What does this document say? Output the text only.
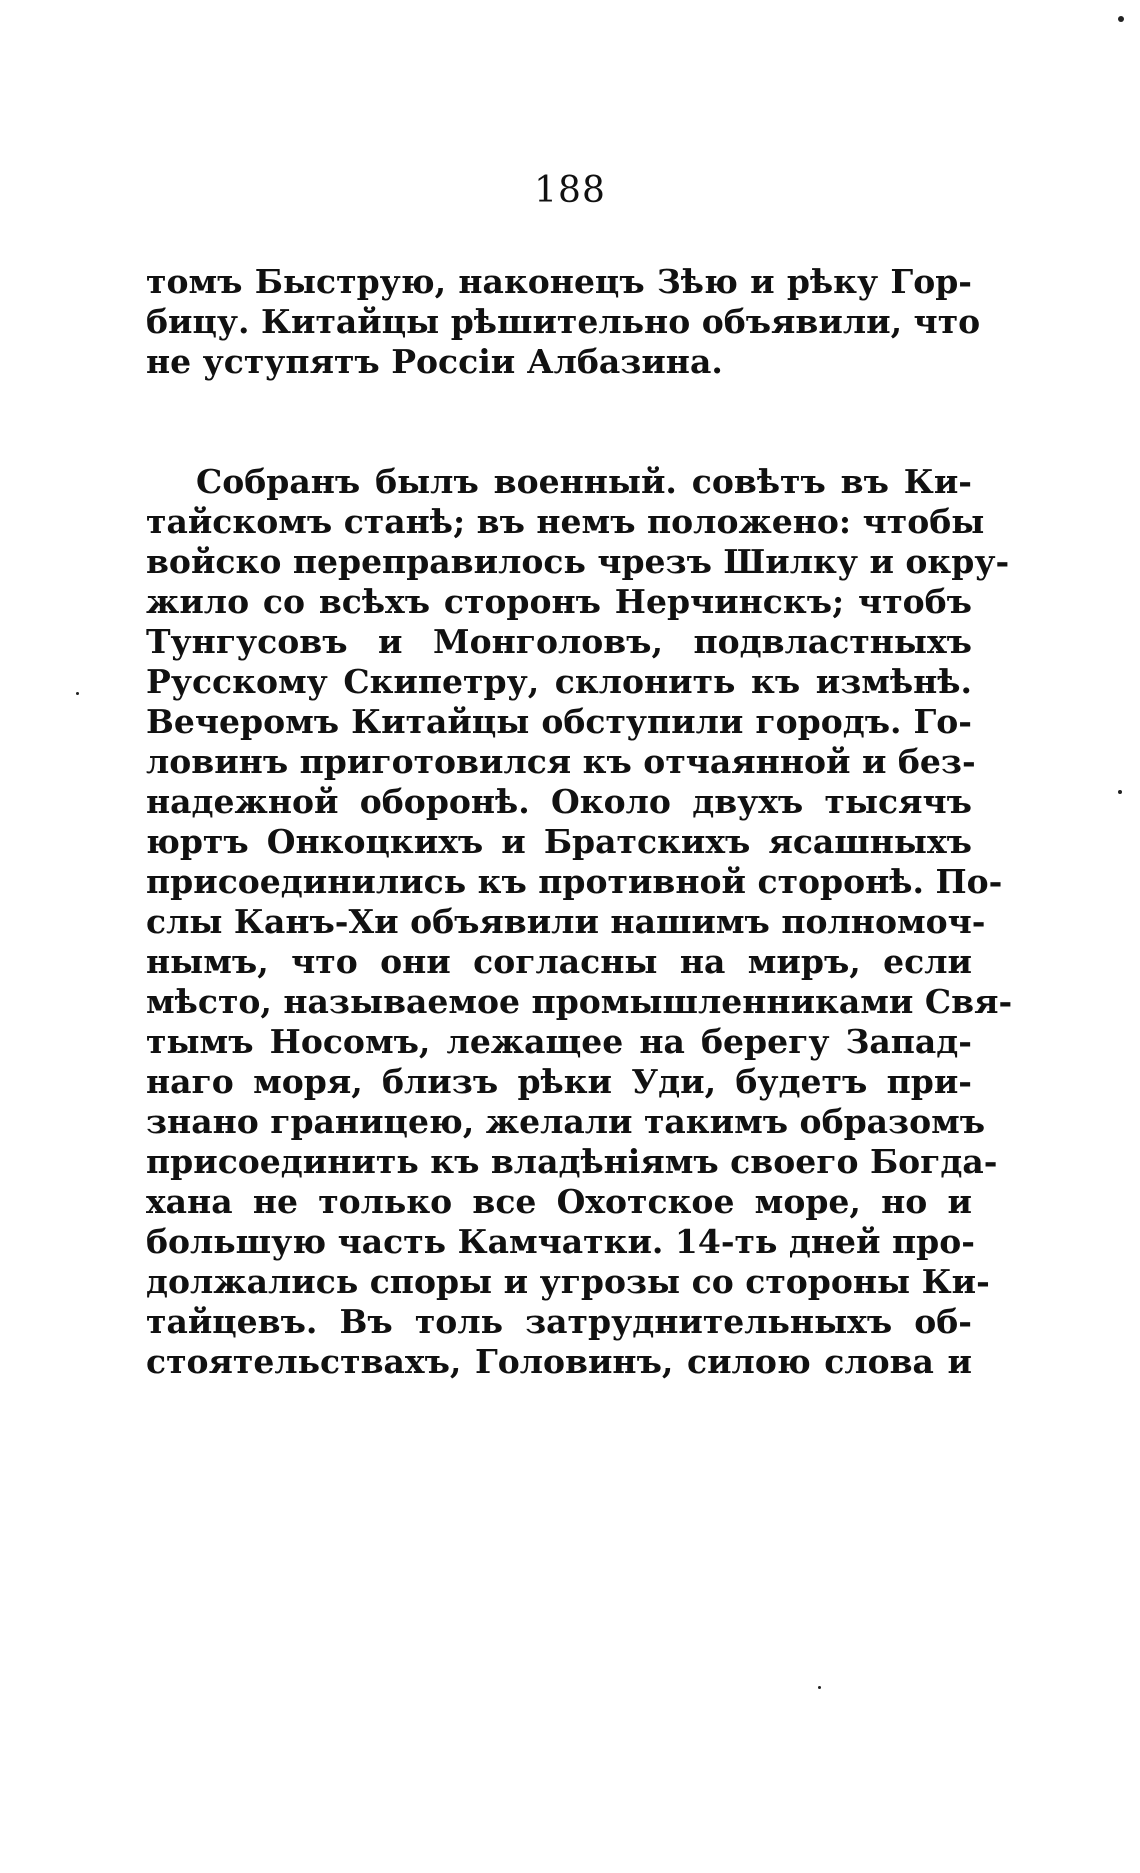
188
томъ Быструю, наконецъ Зѣю и рѣку Гор-
бицу. Китайцы рѣшительно объявили, что
не уступятъ Россіи Албазина.
Собранъ былъ военный. совѣтъ въ Ки-
тайскомъ станѣ; въ немъ положено: чтобы
войско переправилось чрезъ Шилку и окру-
жило со всѣхъ сторонъ Нерчинскъ; чтобъ
Тунгусовъ и Монголовъ, подвластныхъ
Русскому Скипетру, склонить къ измѣнѣ.
Вечеромъ Китайцы обступили городъ. Го-
ловинъ приготовился къ отчаянной и без-
надежной оборонѣ. Около двухъ тысячъ
юртъ Онкоцкихъ и Братскихъ ясашныхъ
присоединились къ противной сторонѣ. По-
слы Канъ-Хи объявили нашимъ полномоч-
нымъ, что они согласны на миръ, если
мѣсто, называемое промышленниками Свя-
тымъ Носомъ, лежащее на берегу Запад-
наго моря, близъ рѣки Уди, будетъ при-
знано границею, желали такимъ образомъ
присоединить къ владѣніямъ своего Богда-
хана не только все Охотское море, но и
большую часть Камчатки. 14-ть дней про-
должались споры и угрозы со стороны Ки-
тайцевъ. Въ толь затруднительныхъ об-
стоятельствахъ, Головинъ, силою слова и
